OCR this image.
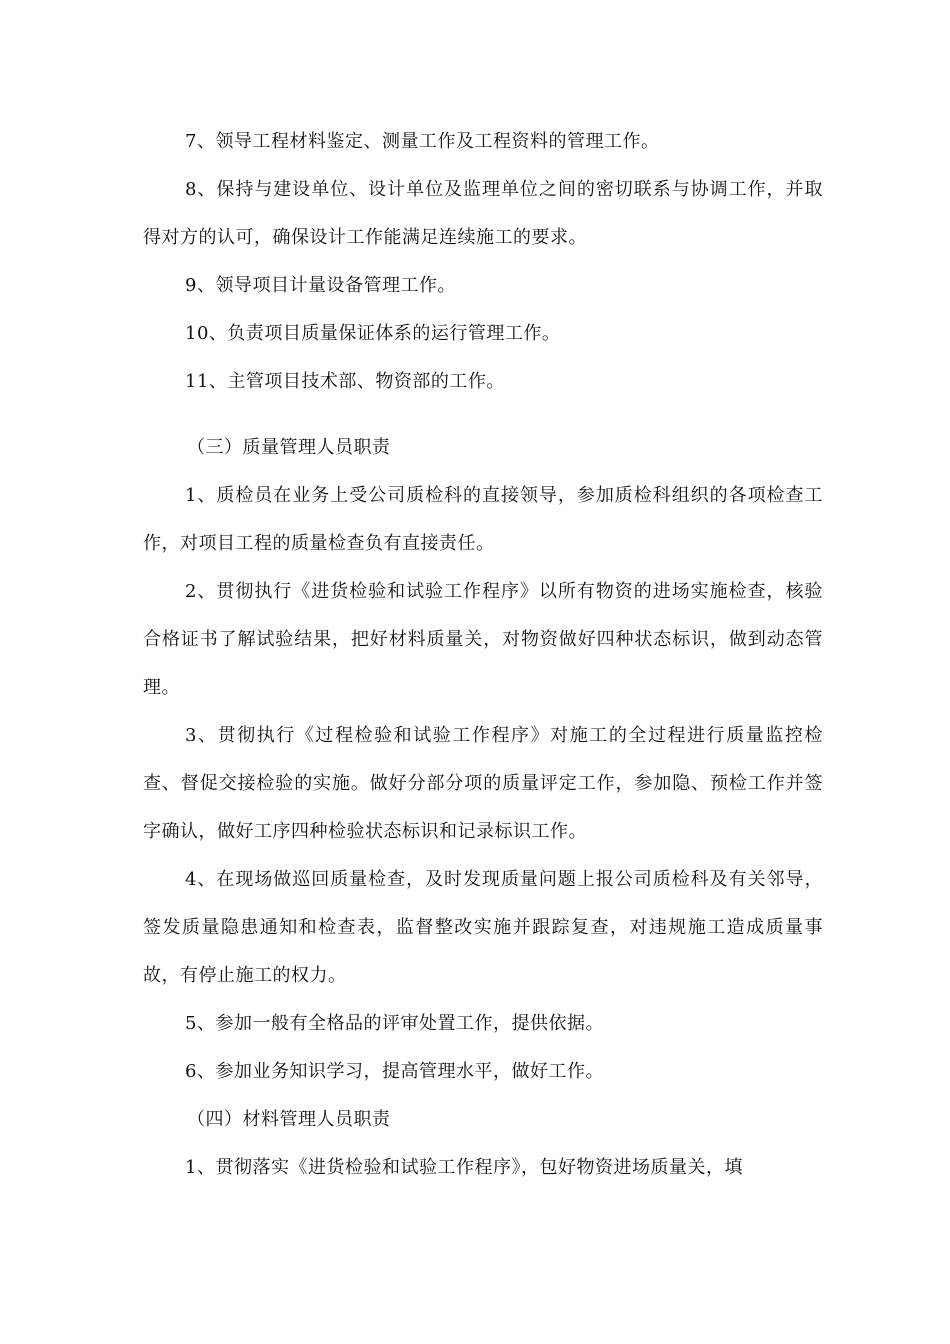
7、领导工程材料鉴定、测量工作及工程资料的管理工作。

8、保持与建设单位、设计单位及监理单位之间的密切联系与协调工作，并取得对方的认可，确保设计工作能满足连续施工的要求。

9、领导项目计量设备管理工作。

10、负责项目质量保证体系的运行管理工作。

11、主管项目技术部、物资部的工作。

（三）质量管理人员职责

1、质检员在业务上受公司质检科的直接领导，参加质检科组织的各项检查工作，对项目工程的质量检查负有直接责任。

2、贯彻执行《进货检验和试验工作程序》以所有物资的进场实施检查，核验合格证书了解试验结果，把好材料质量关，对物资做好四种状态标识，做到动态管理。

3、贯彻执行《过程检验和试验工作程序》对施工的全过程进行质量监控检查、督促交接检验的实施。做好分部分项的质量评定工作，参加隐、预检工作并签字确认，做好工序四种检验状态标识和记录标识工作。

4、在现场做巡回质量检查，及时发现质量问题上报公司质检科及有关邻导，签发质量隐患通知和检查表，监督整改实施并跟踪复查，对违规施工造成质量事故，有停止施工的权力。

5、参加一般有全格品的评审处置工作，提供依据。

6、参加业务知识学习，提高管理水平，做好工作。

（四）材料管理人员职责

1、贯彻落实《进货检验和试验工作程序》，包好物资进场质量关，填
